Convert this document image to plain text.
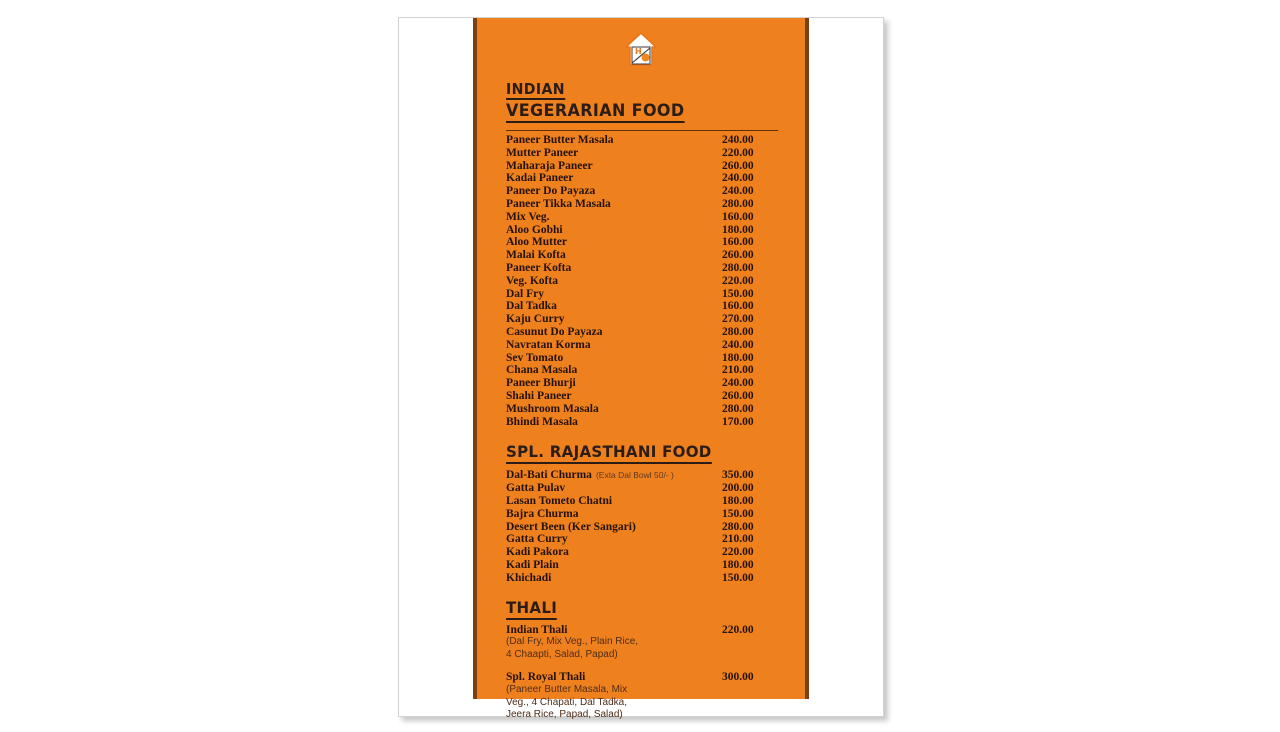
H
INDIAN
VEGERARIAN FOOD
Paneer Butter Masala	240.00
Mutter Paneer	220.00
Maharaja Paneer	260.00
Kadai Paneer	240.00
Paneer Do Payaza	240.00
Paneer Tikka Masala	280.00
Mix Veg.	160.00
Aloo Gobhi	180.00
Aloo Mutter	160.00
Malai Kofta	260.00
Paneer Kofta	280.00
Veg. Kofta	220.00
Dal Fry	150.00
Dal Tadka	160.00
Kaju Curry	270.00
Casunut Do Payaza	280.00
Navratan Korma	240.00
Sev Tomato	180.00
Chana Masala	210.00
Paneer Bhurji	240.00
Shahi Paneer	260.00
Mushroom Masala	280.00
Bhindi Masala	170.00
SPL. RAJASTHANI FOOD
Dal-Bati Churma (Exta Dal Bowl 50/- )	350.00
Gatta Pulav	200.00
Lasan Tometo Chatni	180.00
Bajra Churma	150.00
Desert Been (Ker Sangari)	280.00
Gatta Curry	210.00
Kadi Pakora	220.00
Kadi Plain	180.00
Khichadi	150.00
THALI
Indian Thali	220.00
(Dal Fry, Mix Veg., Plain Rice,
4 Chaapti, Salad, Papad)
Spl. Royal Thali	300.00
(Paneer Butter Masala, Mix
Veg., 4 Chapati, Dal Tadka,
Jeera Rice, Papad, Salad)
